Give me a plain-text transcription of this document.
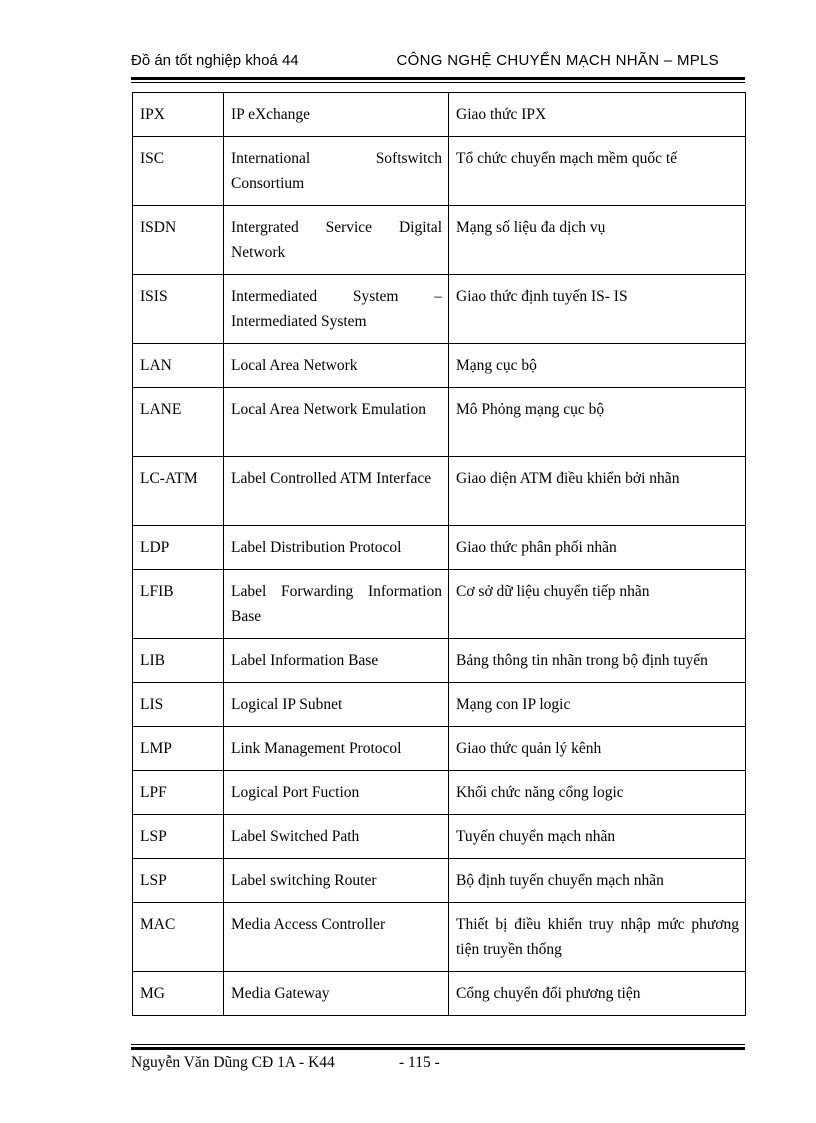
Đồ án tốt nghiệp khoá 44	CÔNG NGHỆ CHUYỂN MẠCH NHÃN – MPLS
IPX	IP eXchange	Giao thức IPX
ISC	International Softswitch Consortium	Tổ chức chuyển mạch mềm quốc tế
ISDN	Intergrated Service Digital Network	Mạng số liệu đa dịch vụ
ISIS	Intermediated System – Intermediated System	Giao thức định tuyến IS- IS
LAN	Local Area Network	Mạng cục bộ
LANE	Local Area Network Emulation	Mô Phỏng mạng cục bộ
LC-ATM	Label Controlled ATM Interface	Giao diện ATM điều khiển bởi nhãn
LDP	Label Distribution Protocol	Giao thức phân phối nhãn
LFIB	Label Forwarding Information Base	Cơ sở dữ liệu chuyển tiếp nhãn
LIB	Label Information Base	Bảng thông tin nhãn trong bộ định tuyến
LIS	Logical IP Subnet	Mạng con IP logic
LMP	Link Management Protocol	Giao thức quản lý kênh
LPF	Logical Port Fuction	Khối chức năng cổng logic
LSP	Label Switched Path	Tuyến chuyển mạch nhãn
LSP	Label switching Router	Bộ định tuyến chuyển mạch nhãn
MAC	Media Access Controller	Thiết bị điều khiển truy nhập mức phương tiện truyền thống
MG	Media Gateway	Cổng chuyển đổi phương tiện
Nguyễn Văn Dũng CĐ 1A - K44	- 115 -
